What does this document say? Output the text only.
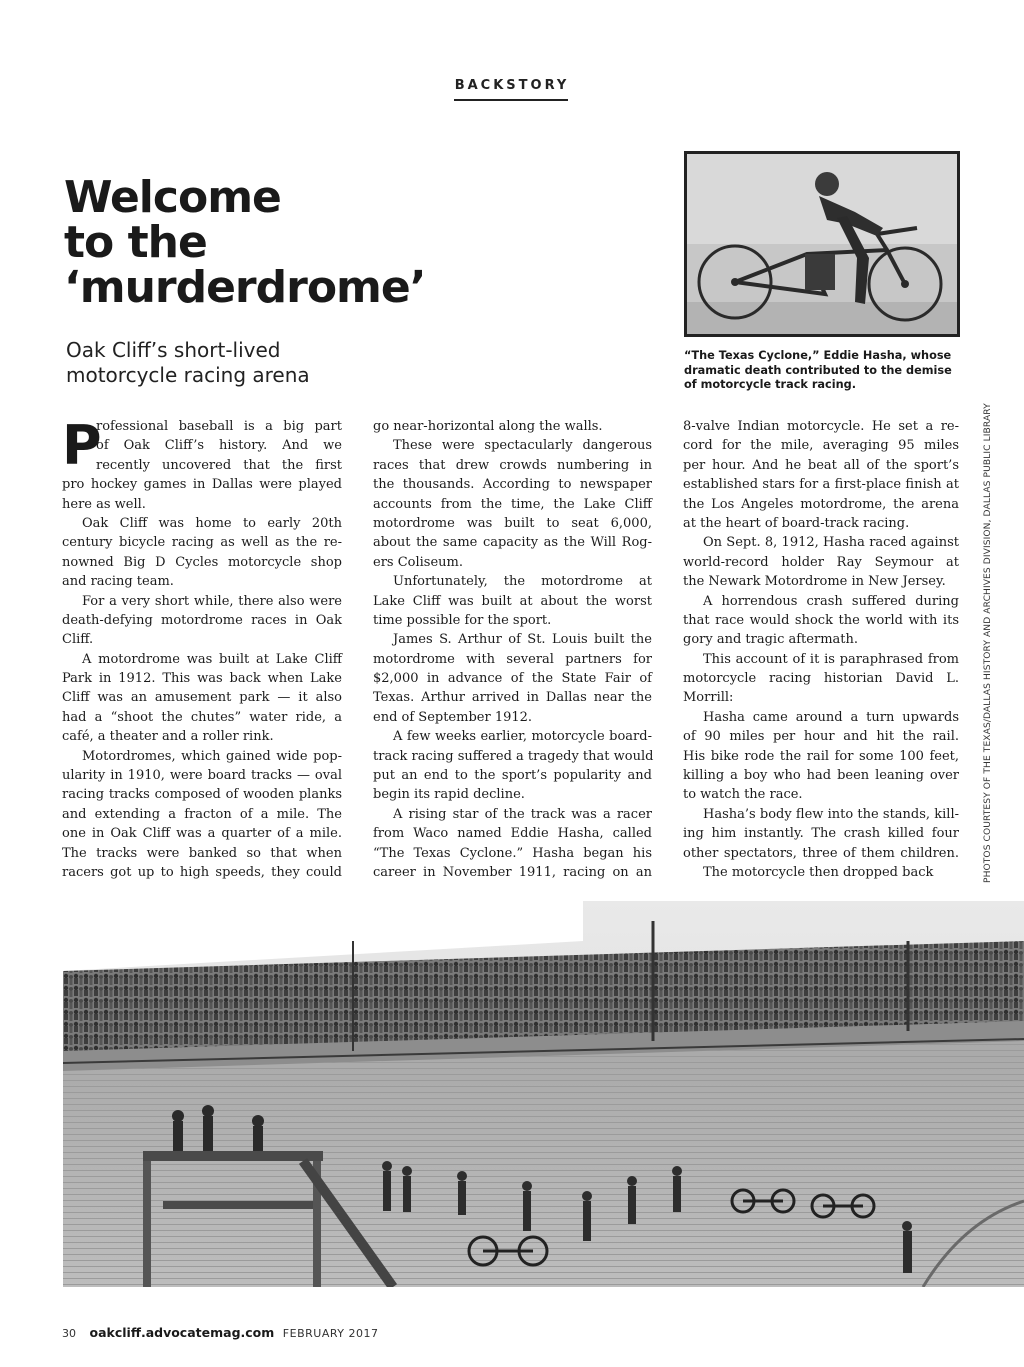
BACKSTORY
Welcome
to the
‘murderdrome’
Oak Cliff’s short-lived
motorcycle racing arena
“The Texas Cyclone,” Eddie Hasha, whose
dramatic death contributed to the demise
of motorcycle track racing.
PHOTOS COURTESY OF THE TEXAS/DALLAS HISTORY AND ARCHIVES DIVISION, DALLAS PUBLIC LIBRARY
P
rofessional baseball is a big part
of Oak Cliff’s history. And we
recently uncovered that the first
pro hockey games in Dallas were played
here as well.
Oak Cliff was home to early 20th
century bicycle racing as well as the re-
nowned Big D Cycles motorcycle shop
and racing team.
For a very short while, there also were
death-defying motordrome races in Oak
Cliff.
A motordrome was built at Lake Cliff
Park in 1912. This was back when Lake
Cliff was an amusement park — it also
had a “shoot the chutes” water ride, a
café, a theater and a roller rink.
Motordromes, which gained wide pop-
ularity in 1910, were board tracks — oval
racing tracks composed of wooden planks
and extending a fracton of a mile. The
one in Oak Cliff was a quarter of a mile.
The tracks were banked so that when
racers got up to high speeds, they could
go near-horizontal along the walls.
These were spectacularly dangerous
races that drew crowds numbering in
the thousands. According to newspaper
accounts from the time, the Lake Cliff
motordrome was built to seat 6,000,
about the same capacity as the Will Rog-
ers Coliseum.
Unfortunately, the motordrome at
Lake Cliff was built at about the worst
time possible for the sport.
James S. Arthur of St. Louis built the
motordrome with several partners for
$2,000 in advance of the State Fair of
Texas. Arthur arrived in Dallas near the
end of September 1912.
A few weeks earlier, motorcycle board-
track racing suffered a tragedy that would
put an end to the sport’s popularity and
begin its rapid decline.
A rising star of the track was a racer
from Waco named Eddie Hasha, called
“The Texas Cyclone.” Hasha began his
career in November 1911, racing on an
8-valve Indian motorcycle. He set a re-
cord for the mile, averaging 95 miles
per hour. And he beat all of the sport’s
established stars for a first-place finish at
the Los Angeles motordrome, the arena
at the heart of board-track racing.
On Sept. 8, 1912, Hasha raced against
world-record holder Ray Seymour at
the Newark Motordrome in New Jersey.
A horrendous crash suffered during
that race would shock the world with its
gory and tragic aftermath.
This account of it is paraphrased from
motorcycle racing historian David L.
Morrill:
Hasha came around a turn upwards
of 90 miles per hour and hit the rail.
His bike rode the rail for some 100 feet,
killing a boy who had been leaning over
to watch the race.
Hasha’s body flew into the stands, kill-
ing him instantly. The crash killed four
other spectators, three of them children.
The motorcycle then dropped back
30 oakcliff.advocatemag.com FEBRUARY 2017
